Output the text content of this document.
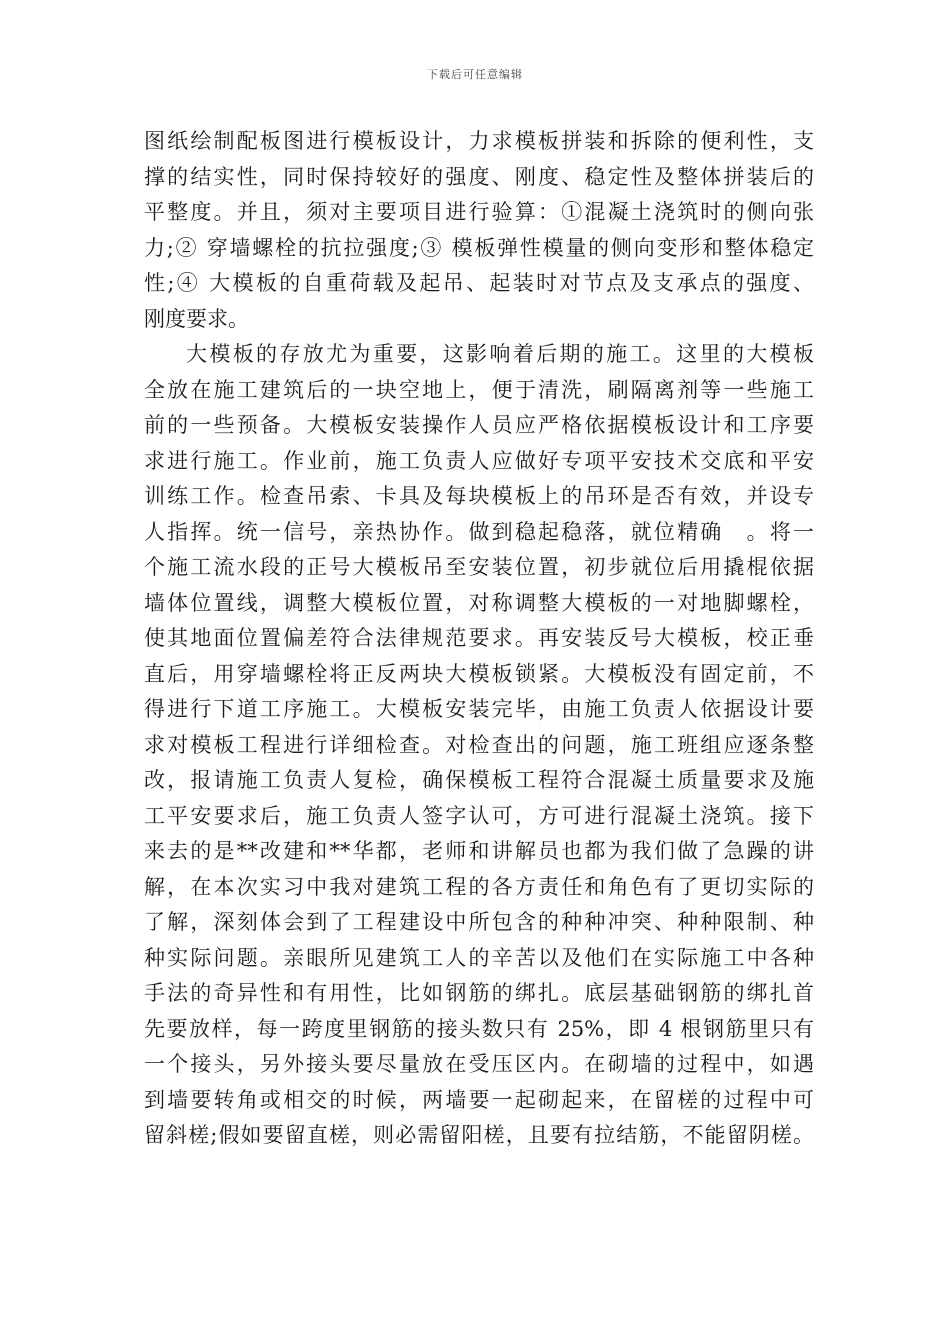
下载后可任意编辑
图纸绘制配板图进行模板设计，力求模板拼装和拆除的便利性，支
撑的结实性，同时保持较好的强度、刚度、稳定性及整体拼装后的
平整度。并且，须对主要项目进行验算：①混凝土浇筑时的侧向张
力;② 穿墙螺栓的抗拉强度;③ 模板弹性模量的侧向变形和整体稳定
性;④ 大模板的自重荷载及起吊、起装时对节点及支承点的强度、
刚度要求。
大模板的存放尤为重要，这影响着后期的施工。这里的大模板
全放在施工建筑后的一块空地上，便于清洗，刷隔离剂等一些施工
前的一些预备。大模板安装操作人员应严格依据模板设计和工序要
求进行施工。作业前，施工负责人应做好专项平安技术交底和平安
训练工作。检查吊索、卡具及每块模板上的吊环是否有效，并设专
人指挥。统一信号，亲热协作。做到稳起稳落，就位精确　。将一
个施工流水段的正号大模板吊至安装位置，初步就位后用撬棍依据
墙体位置线，调整大模板位置，对称调整大模板的一对地脚螺栓，
使其地面位置偏差符合法律规范要求。再安装反号大模板，校正垂
直后，用穿墙螺栓将正反两块大模板锁紧。大模板没有固定前，不
得进行下道工序施工。大模板安装完毕，由施工负责人依据设计要
求对模板工程进行详细检查。对检查出的问题，施工班组应逐条整
改，报请施工负责人复检，确保模板工程符合混凝土质量要求及施
工平安要求后，施工负责人签字认可，方可进行混凝土浇筑。接下
来去的是**改建和**华都，老师和讲解员也都为我们做了急躁的讲
解，在本次实习中我对建筑工程的各方责任和角色有了更切实际的
了解，深刻体会到了工程建设中所包含的种种冲突、种种限制、种
种实际问题。亲眼所见建筑工人的辛苦以及他们在实际施工中各种
手法的奇异性和有用性，比如钢筋的绑扎。底层基础钢筋的绑扎首
先要放样，每一跨度里钢筋的接头数只有 25%，即 4 根钢筋里只有
一个接头，另外接头要尽量放在受压区内。在砌墙的过程中，如遇
到墙要转角或相交的时候，两墙要一起砌起来，在留槎的过程中可
留斜槎;假如要留直槎，则必需留阳槎，且要有拉结筋，不能留阴槎。
